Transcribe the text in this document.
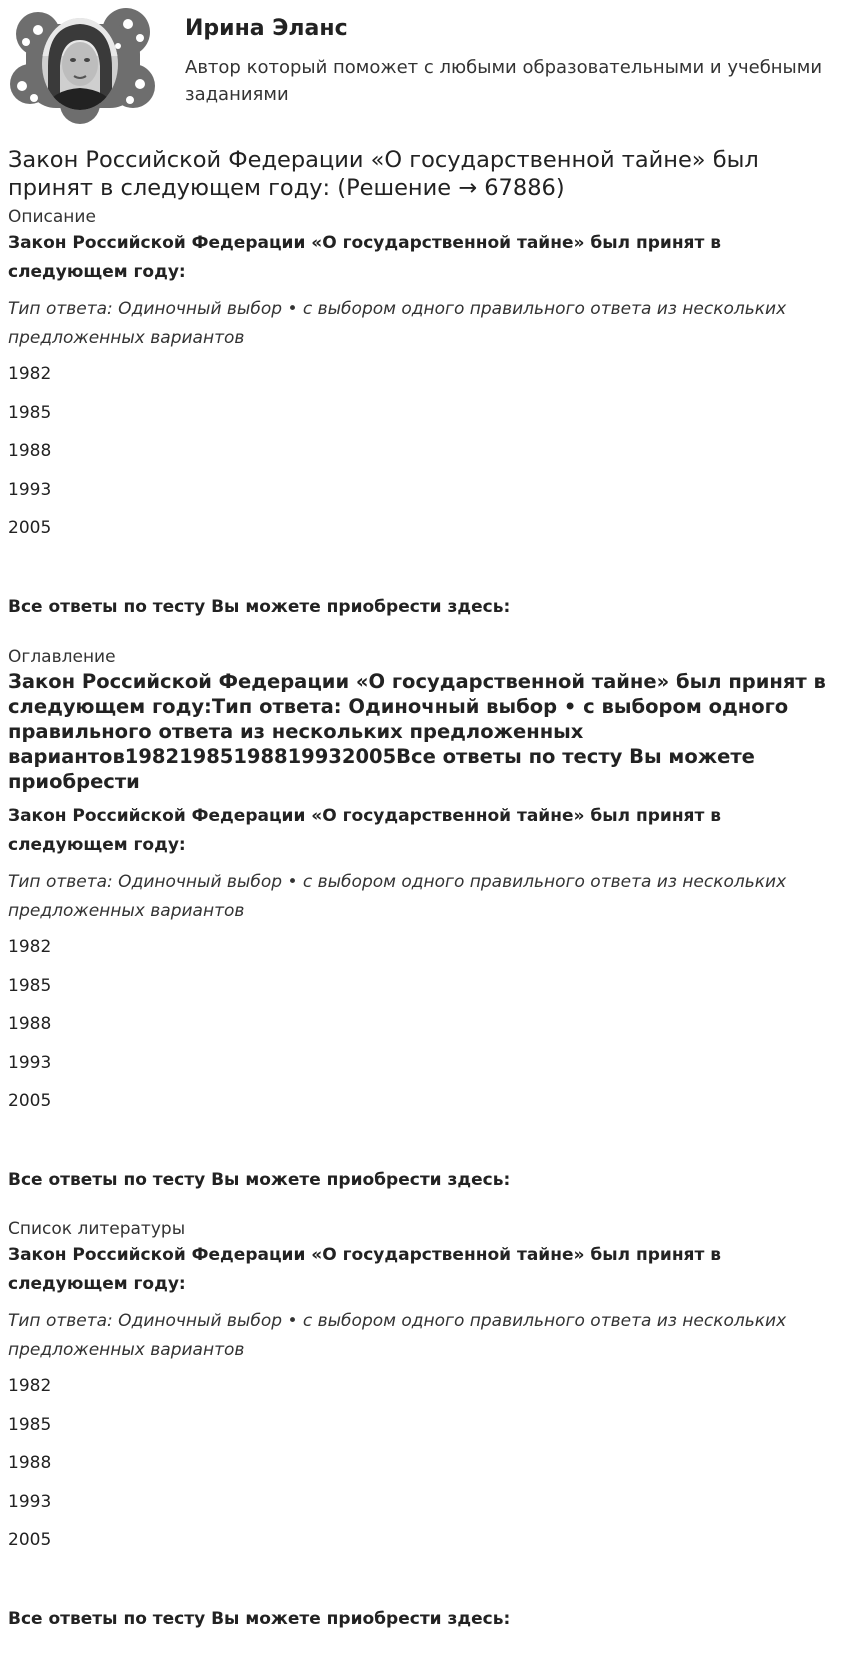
Ирина Эланс
Автор который поможет с любыми образовательными и учебными заданиями
Закон Российской Федерации «О государственной тайне» был принят в следующем году: (Решение → 67886)
Описание
Закон Российской Федерации «О государственной тайне» был принят в следующем году:
Тип ответа: Одиночный выбор • с выбором одного правильного ответа из нескольких предложенных вариантов
1982
1985
1988
1993
2005
Все ответы по тесту Вы можете приобрести здесь:
Оглавление
Закон Российской Федерации «О государственной тайне» был принят в следующем году:Тип ответа: Одиночный выбор • с выбором одного правильного ответа из нескольких предложенных вариантов19821985198819932005Все ответы по тесту Вы можете приобрести
Закон Российской Федерации «О государственной тайне» был принят в следующем году:
Тип ответа: Одиночный выбор • с выбором одного правильного ответа из нескольких предложенных вариантов
1982
1985
1988
1993
2005
Все ответы по тесту Вы можете приобрести здесь:
Список литературы
Закон Российской Федерации «О государственной тайне» был принят в следующем году:
Тип ответа: Одиночный выбор • с выбором одного правильного ответа из нескольких предложенных вариантов
1982
1985
1988
1993
2005
Все ответы по тесту Вы можете приобрести здесь:
